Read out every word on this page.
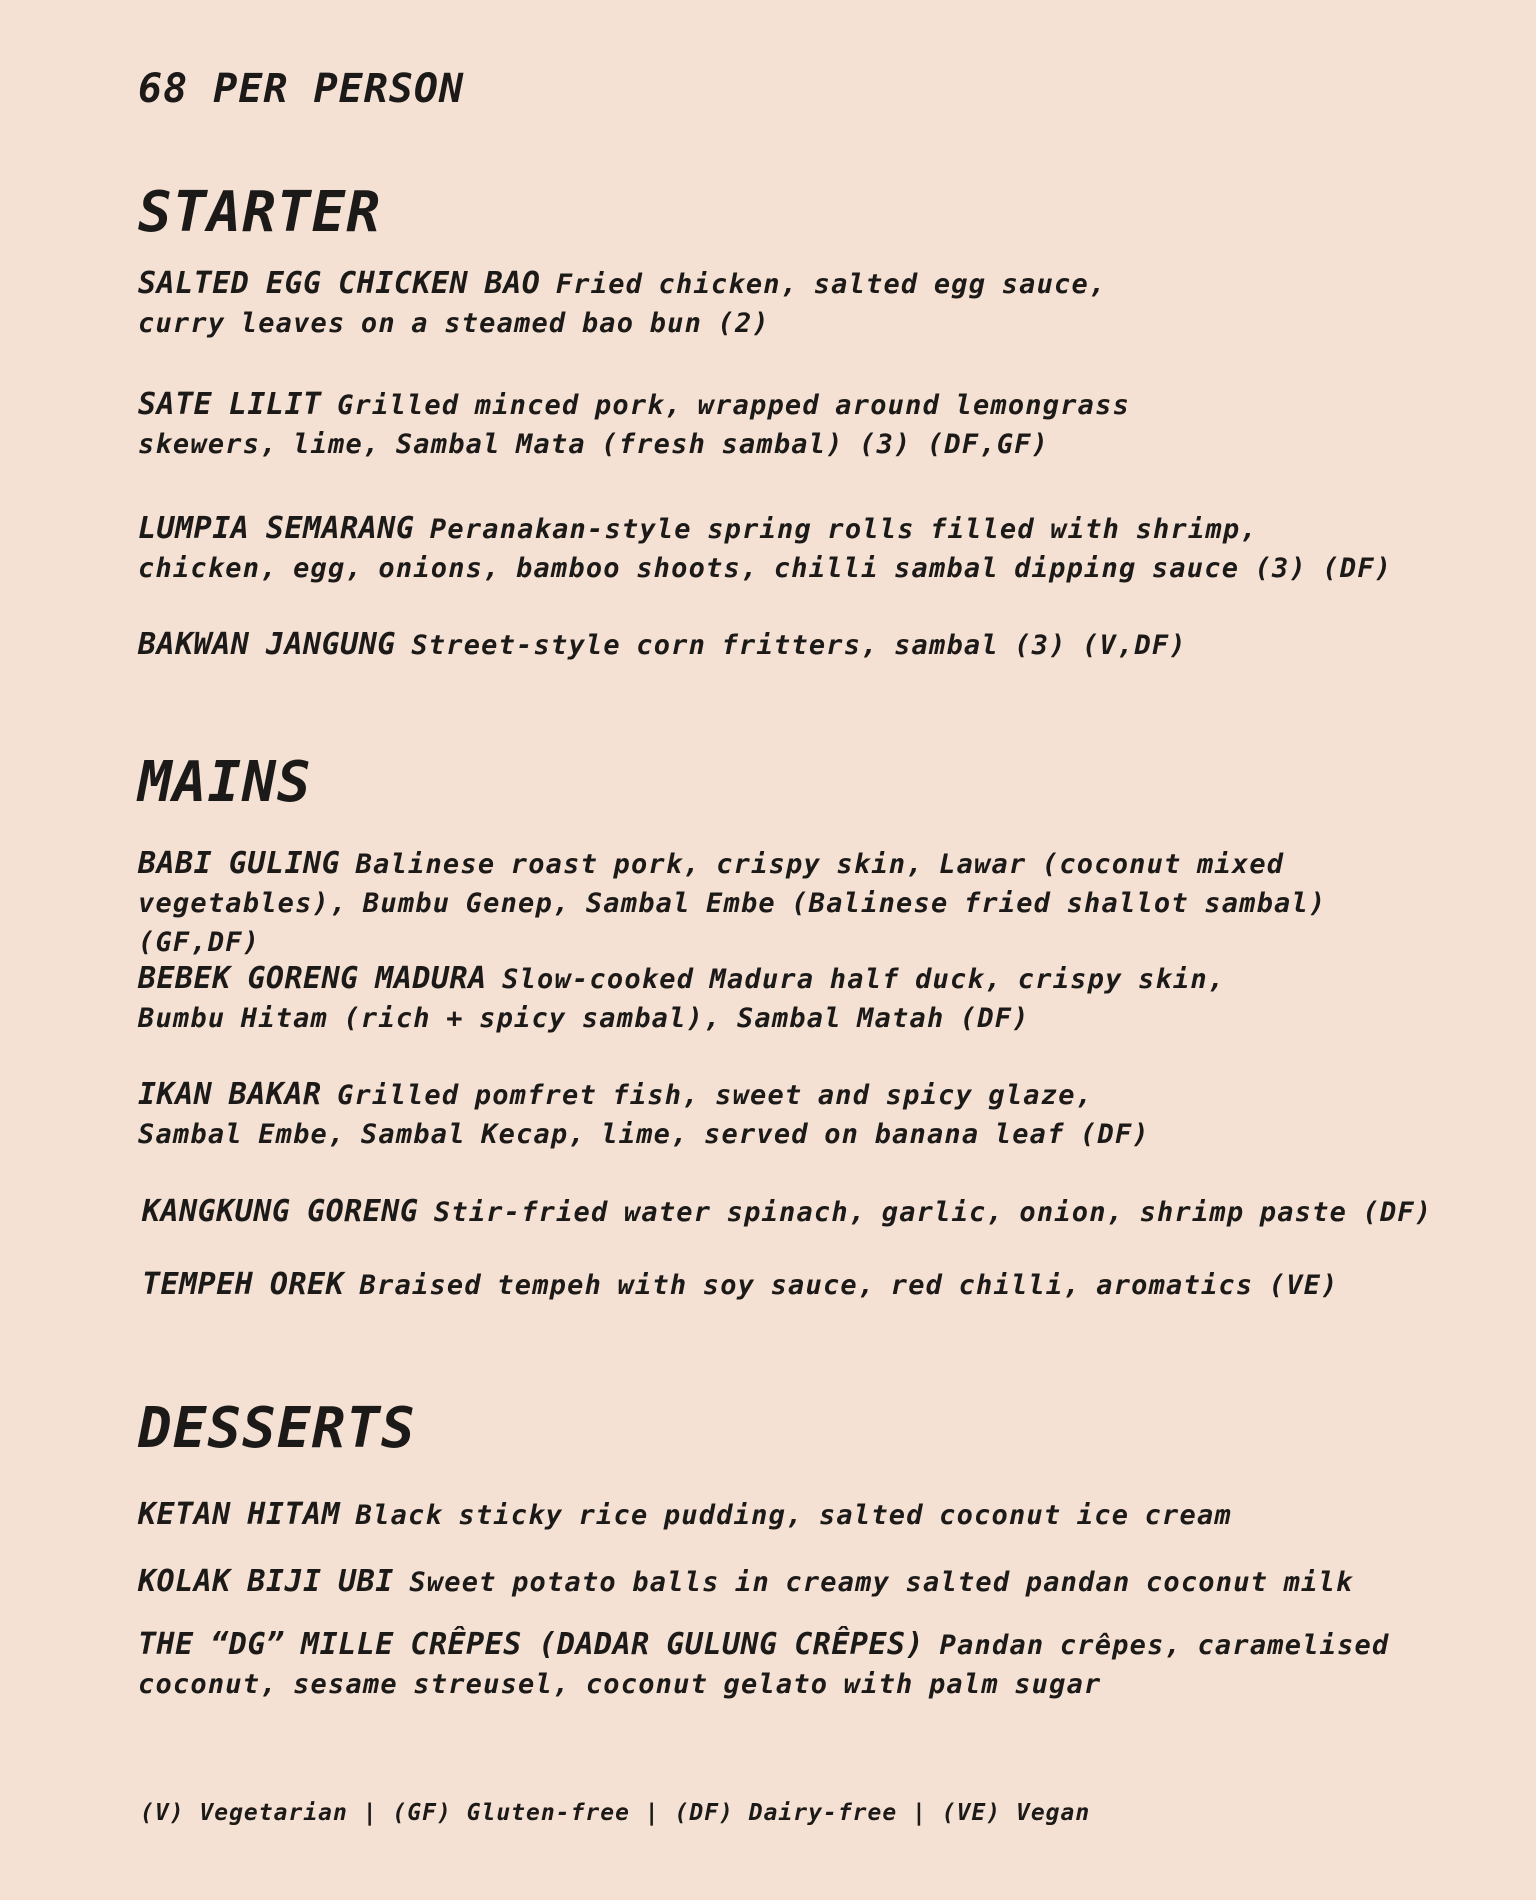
68 PER PERSON
STARTER
SALTED EGG CHICKEN BAO Fried chicken, salted egg sauce,
curry leaves on a steamed bao bun (2)
SATE LILIT Grilled minced pork, wrapped around lemongrass
skewers, lime, Sambal Mata (fresh sambal) (3) (DF,GF)
LUMPIA SEMARANG Peranakan-style spring rolls filled with shrimp,
chicken, egg, onions, bamboo shoots, chilli sambal dipping sauce (3) (DF)
BAKWAN JANGUNG Street-style corn fritters, sambal (3) (V,DF)
MAINS
BABI GULING Balinese roast pork, crispy skin, Lawar (coconut mixed
vegetables), Bumbu Genep, Sambal Embe (Balinese fried shallot sambal) (GF,DF)
BEBEK GORENG MADURA Slow-cooked Madura half duck, crispy skin,
Bumbu Hitam (rich + spicy sambal), Sambal Matah (DF)
IKAN BAKAR Grilled pomfret fish, sweet and spicy glaze,
Sambal Embe, Sambal Kecap, lime, served on banana leaf (DF)
KANGKUNG GORENG Stir-fried water spinach, garlic, onion, shrimp paste (DF)
TEMPEH OREK Braised tempeh with soy sauce, red chilli, aromatics (VE)
DESSERTS
KETAN HITAM Black sticky rice pudding, salted coconut ice cream
KOLAK BIJI UBI Sweet potato balls in creamy salted pandan coconut milk
THE “DG” MILLE CRÊPES (DADAR GULUNG CRÊPES) Pandan crêpes, caramelised
coconut, sesame streusel, coconut gelato with palm sugar
(V) Vegetarian | (GF) Gluten-free | (DF) Dairy-free | (VE) Vegan
